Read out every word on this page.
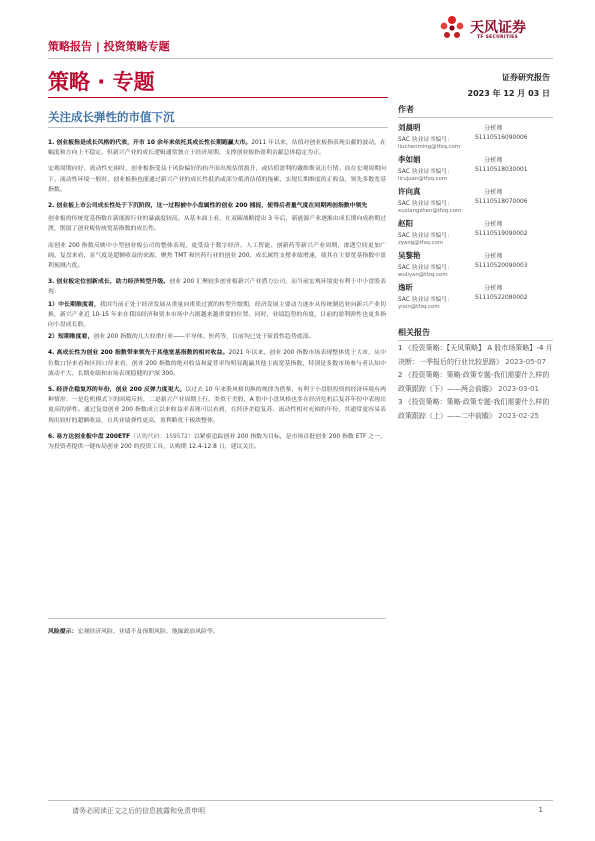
策略报告 | 投资策略专题
天风证券
TF SECURITIES
策略 · 专题	证券研究报告
2023 年 12 月 03 日
关注成长弹性的市值下沉

1. 创业板指是成长风格的代表，开市 10 余年来依托其成长性长期跑赢大市。2011 年以来，估值对创业板指表现贡献的波动，在幅度和方向上不稳定，但新兴产业的成长逻辑通常独立于经济周期，支撑创业板指盈利贡献总体稳定为正。

宏观周期向好、流动性充裕时，创业板指受益于风险偏好的抬升而出现估值拔升，或估值盈利的戴维斯双击行情。而在宏观周期向下、流动性环境一般时，创业板指也能通过新兴产业的成长性抵消或部分抵消估值的拖累，实现长期维度的正收益，领先多数宽基指数。

2. 创业板上市公司成长性处于下沉阶段，这一过程被中小盘属性的创业 200 捕捉，使得后者量气度在同期两创指数中领先

创业板的传统宽基指数在新能源行业的暴露度较高，从基本面上看，在双碳战略提出 3 年后，新能源产业逐渐由成长期向成熟期过渡，削弱了创业板传统宽基指数的成长性。

而创业 200 指数反映中小型创业板公司的整体表现，更受益于数字经济、人工智能、创新药等新兴产业周期，渗透空间更加广阔。复盘来看，景气度是超额收益的来源，聚焦 TMT 和医药行业的创业 200、成长属性支撑业绩增速，使其在主要宽基指数中盈利预测占优。

3. 创业板定位创新成长，助力经济转型升级。创业 200 汇聚较多创业板新兴产业潜力公司，而当前宏观环境更有利于中小盘股表现：

1）中长期维度看，我国当前正处于经济发展从重量向重质过渡的转型升级期，经济发展主要动力逐步从传统制造业向新兴产业切换，新兴产业近 10-15 年来在我国经济和资本市场中占据越来越重要的位置。同时，业绩趋势的角度，目前的盈利弹性也更多指向小盘成长股。

2）短期维度看，创业 200 指数的几大权重行业——半导体、医药等，目前均已处于阶段性趋势底部。

4. 高成长性为创业 200 指数带来领先于其他宽基指数的相对收益。2021 年以来，创业 200 指数市场表现整体优于大市，从中位数口径来看和区间口径来看，创业 200 指数的绝对收益和夏普率均明显跑赢其他主流宽基指数，特别是多数市场参与者认知中波动不大、长期业绩和市场表现稳健的沪深 300。

5. 经济企稳复苏的年份，创业 200 反弹力度更大。以过去 10 年来股风格切换的规律为借鉴，有利于小盘股投资的经济环境有两种情形：一是危机模式下的困境反转，二是新兴产业周期上行。类似于美股，A 股中小盘风格也多在经济危机后复苏年份中表现出更高的弹性。通过复盘创业 200 指数成立以来收益率表现可以看到，在经济企稳复苏、流动性相对充裕的年份，其通常更容易表现出较好的超额收益，且其业绩弹性更高，盈利略优于板块整体。

6. 易方达创业板中盘 200ETF（认购代码：159572）以紧密追踪创业 200 指数为目标，是市场首批创业 200 指数 ETF 之一，为投资者提供一键布局创业 200 的投资工具，认购期 12.4-12.8 日，建议关注。

风险提示：宏观经济风险、业绩不及预期风险、地缘政治风险等。
作者
刘晨明	分析师
SAC 执业证书编号：	S1110516090006
liuchenming@tfzq.com
李如娟	分析师
SAC 执业证书编号：	S1110518030001
lirujuan@tfzq.com
许向真	分析师
SAC 执业证书编号：	S1110518070006
xuxiangzhen@tfzq.com
赵阳	分析师
SAC 执业证书编号：	S1110519090002
zyang@tfzq.com
吴黎艳	分析师
SAC 执业证书编号：	S1110520090003
wuliyan@tfzq.com
逸昕	分析师
SAC 执业证书编号：	S1110522080002
yixin@tfzq.com
相关报告
1 《投资策略：【天风策略】 A 股市场策略】-4 月决断：一季报后的行业比较思路》 2023-05-07
2 《投资策略：策略·政策专题-我们需要什么样的政策跟踪（下）——两会前瞻》 2023-03-01
3 《投资策略：策略·政策专题-我们需要什么样的政策跟踪（上）——二中前瞻》 2023-02-25
请务必阅读正文之后的信息披露和免责申明	1
